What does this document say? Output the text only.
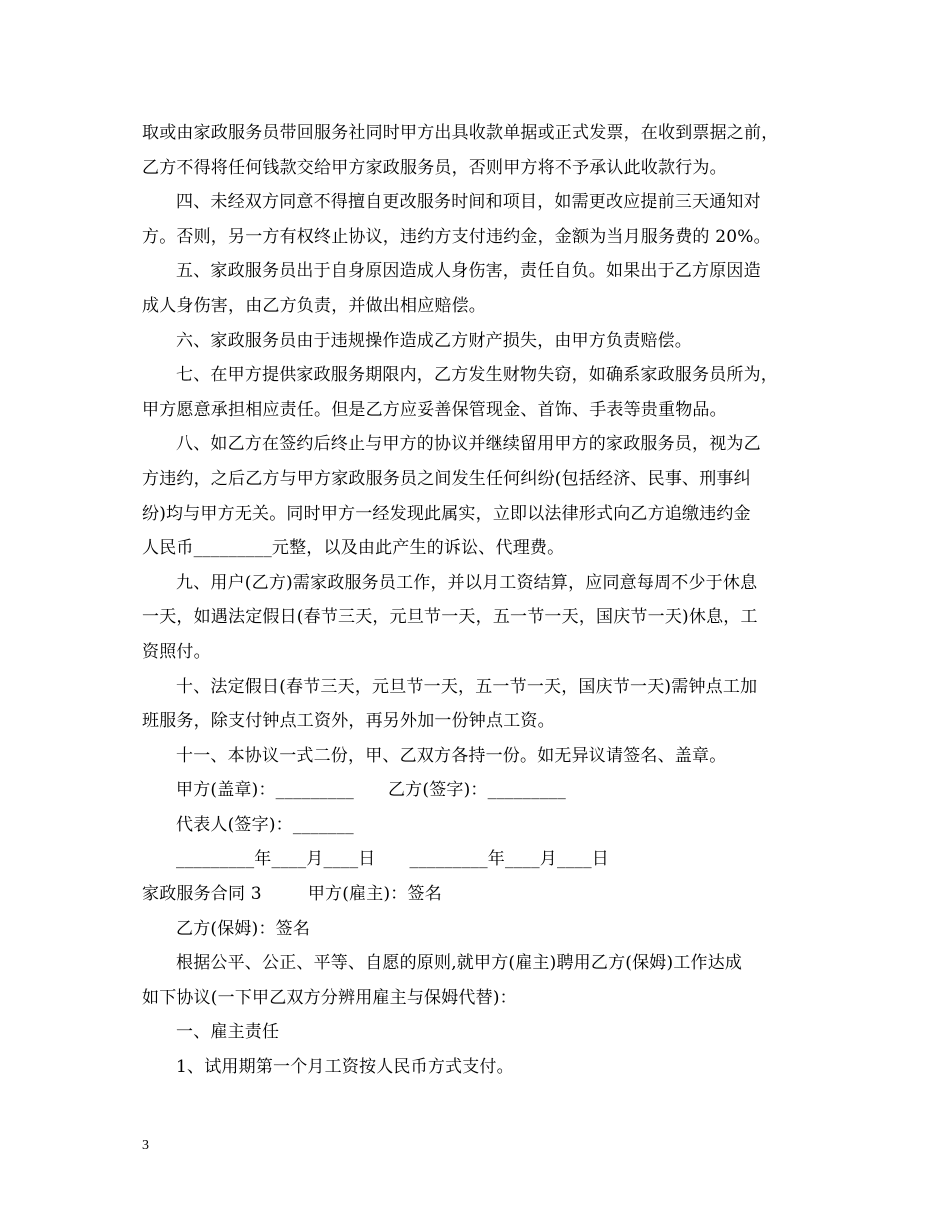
取或由家政服务员带回服务社同时甲方出具收款单据或正式发票，在收到票据之前，
乙方不得将任何钱款交给甲方家政服务员，否则甲方将不予承认此收款行为。
四、未经双方同意不得擅自更改服务时间和项目，如需更改应提前三天通知对
方。否则，另一方有权终止协议，违约方支付违约金，金额为当月服务费的 20%。
五、家政服务员出于自身原因造成人身伤害，责任自负。如果出于乙方原因造
成人身伤害，由乙方负责，并做出相应赔偿。
六、家政服务员由于违规操作造成乙方财产损失，由甲方负责赔偿。
七、在甲方提供家政服务期限内，乙方发生财物失窃，如确系家政服务员所为，
甲方愿意承担相应责任。但是乙方应妥善保管现金、首饰、手表等贵重物品。
八、如乙方在签约后终止与甲方的协议并继续留用甲方的家政服务员，视为乙
方违约，之后乙方与甲方家政服务员之间发生任何纠纷(包括经济、民事、刑事纠
纷)均与甲方无关。同时甲方一经发现此属实，立即以法律形式向乙方追缴违约金
人民币_________元整，以及由此产生的诉讼、代理费。
九、用户(乙方)需家政服务员工作，并以月工资结算，应同意每周不少于休息
一天，如遇法定假日(春节三天，元旦节一天，五一节一天，国庆节一天)休息，工
资照付。
十、法定假日(春节三天，元旦节一天，五一节一天，国庆节一天)需钟点工加
班服务，除支付钟点工资外，再另外加一份钟点工资。
十一、本协议一式二份，甲、乙双方各持一份。如无异议请签名、盖章。
甲方(盖章)：_________ 乙方(签字)：_________
代表人(签字)：_______
_________年____月____日 _________年____月____日
家政服务合同 3	甲方(雇主)：签名
乙方(保姆)：签名
根据公平、公正、平等、自愿的原则,就甲方(雇主)聘用乙方(保姆)工作达成
如下协议(一下甲乙双方分辨用雇主与保姆代替)：
一、雇主责任
1、试用期第一个月工资按人民币方式支付。
3
